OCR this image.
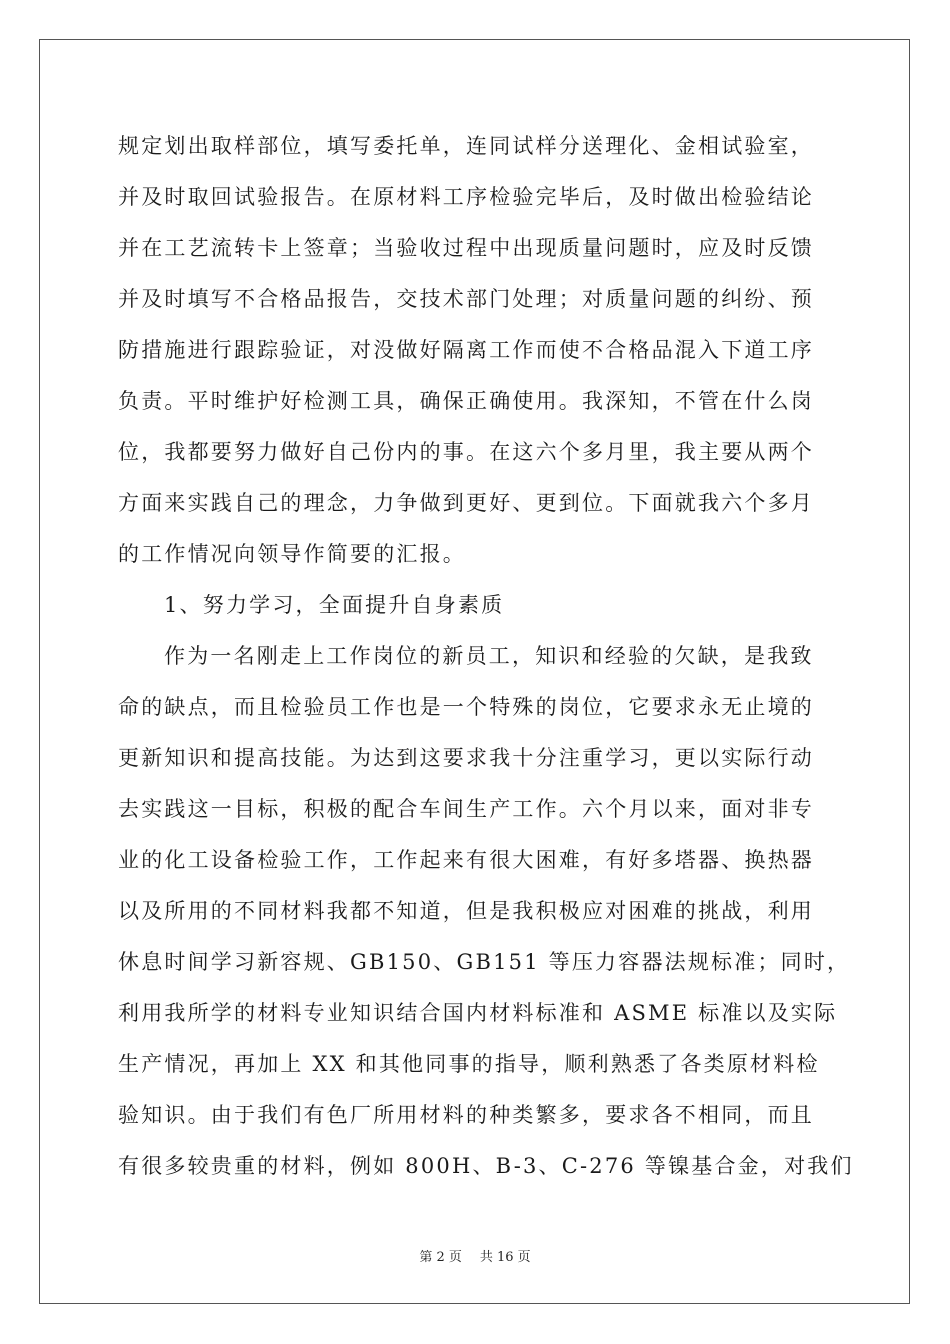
规定划出取样部位，填写委托单，连同试样分送理化、金相试验室，
并及时取回试验报告。在原材料工序检验完毕后，及时做出检验结论
并在工艺流转卡上签章；当验收过程中出现质量问题时，应及时反馈
并及时填写不合格品报告，交技术部门处理；对质量问题的纠纷、预
防措施进行跟踪验证，对没做好隔离工作而使不合格品混入下道工序
负责。平时维护好检测工具，确保正确使用。我深知，不管在什么岗
位，我都要努力做好自己份内的事。在这六个多月里，我主要从两个
方面来实践自己的理念，力争做到更好、更到位。下面就我六个多月
的工作情况向领导作简要的汇报。
1、努力学习，全面提升自身素质
作为一名刚走上工作岗位的新员工，知识和经验的欠缺，是我致
命的缺点，而且检验员工作也是一个特殊的岗位，它要求永无止境的
更新知识和提高技能。为达到这要求我十分注重学习，更以实际行动
去实践这一目标，积极的配合车间生产工作。六个月以来，面对非专
业的化工设备检验工作，工作起来有很大困难，有好多塔器、换热器
以及所用的不同材料我都不知道，但是我积极应对困难的挑战，利用
休息时间学习新容规、GB150、GB151 等压力容器法规标准；同时，
利用我所学的材料专业知识结合国内材料标准和 ASME 标准以及实际
生产情况，再加上 XX 和其他同事的指导，顺利熟悉了各类原材料检
验知识。由于我们有色厂所用材料的种类繁多，要求各不相同，而且
有很多较贵重的材料，例如 800H、B-3、C-276 等镍基合金，对我们
第 2 页 共 16 页
